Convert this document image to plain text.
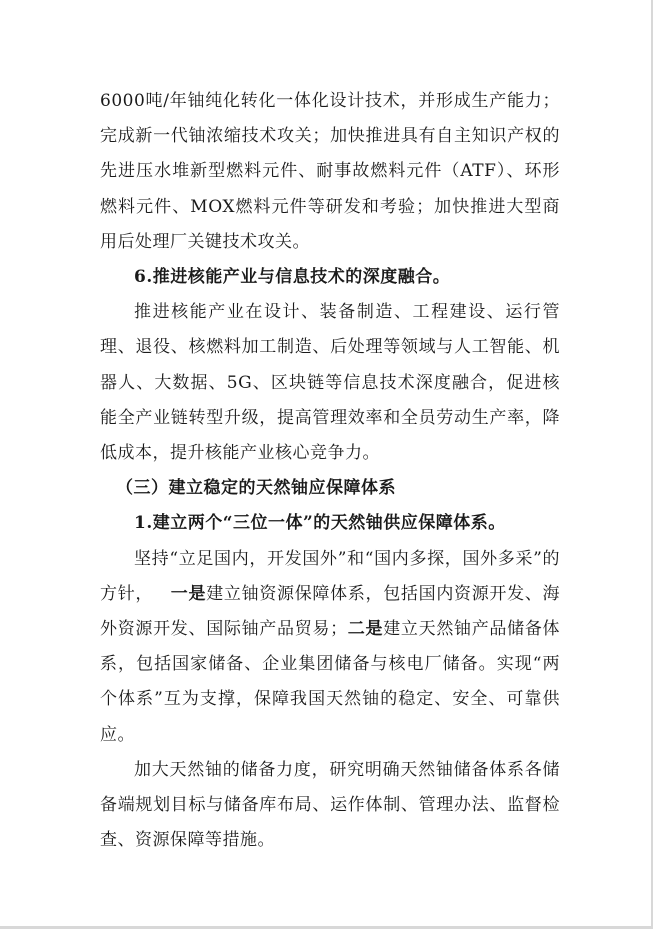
6000吨/年铀纯化转化一体化设计技术，并形成生产能力；完成新一代铀浓缩技术攻关；加快推进具有自主知识产权的先进压水堆新型燃料元件、耐事故燃料元件（ATF）、环形燃料元件、MOX燃料元件等研发和考验；加快推进大型商用后处理厂关键技术攻关。

6.推进核能产业与信息技术的深度融合。

推进核能产业在设计、装备制造、工程建设、运行管理、退役、核燃料加工制造、后处理等领域与人工智能、机器人、大数据、5G、区块链等信息技术深度融合，促进核能全产业链转型升级，提高管理效率和全员劳动生产率，降低成本，提升核能产业核心竞争力。

（三）建立稳定的天然铀应保障体系

1.建立两个“三位一体”的天然铀供应保障体系。

坚持“立足国内，开发国外”和“国内多探，国外多采”的方针，  一是建立铀资源保障体系，包括国内资源开发、海外资源开发、国际铀产品贸易；二是建立天然铀产品储备体系，包括国家储备、企业集团储备与核电厂储备。实现“两个体系”互为支撑，保障我国天然铀的稳定、安全、可靠供应。

加大天然铀的储备力度，研究明确天然铀储备体系各储备端规划目标与储备库布局、运作体制、管理办法、监督检查、资源保障等措施。
